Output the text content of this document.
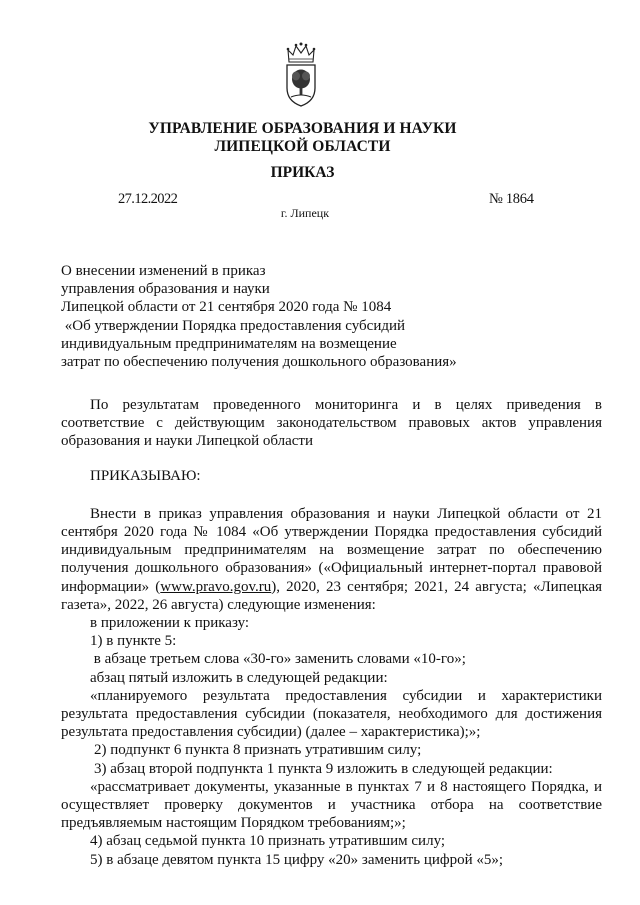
УПРАВЛЕНИЕ ОБРАЗОВАНИЯ И НАУКИ
ЛИПЕЦКОЙ ОБЛАСТИ
ПРИКАЗ
27.12.2022	№ 1864
г. Липецк
О внесении изменений в приказ
управления образования и науки
Липецкой области от 21 сентября 2020 года № 1084
«Об утверждении Порядка предоставления субсидий
индивидуальным предпринимателям на возмещение
затрат по обеспечению получения дошкольного образования»

По результатам проведенного мониторинга и в целях приведения в соответствие с действующим законодательством правовых актов управления образования и науки Липецкой области

ПРИКАЗЫВАЮ:

Внести в приказ управления образования и науки Липецкой области от 21 сентября 2020 года № 1084 «Об утверждении Порядка предоставления субсидий индивидуальным предпринимателям на возмещение затрат по обеспечению получения дошкольного образования» («Официальный интернет-портал правовой информации» (www.pravo.gov.ru), 2020, 23 сентября; 2021, 24 августа; «Липецкая газета», 2022, 26 августа) следующие изменения:

в приложении к приказу:

1) в пункте 5:

в абзаце третьем слова «30-го» заменить словами «10-го»;

абзац пятый изложить в следующей редакции:

«планируемого результата предоставления субсидии и характеристики результата предоставления субсидии (показателя, необходимого для достижения результата предоставления субсидии) (далее – характеристика);»;

2) подпункт 6 пункта 8 признать утратившим силу;

3) абзац второй подпункта 1 пункта 9 изложить в следующей редакции:

«рассматривает документы, указанные в пунктах 7 и 8 настоящего Порядка, и осуществляет проверку документов и участника отбора на соответствие предъявляемым настоящим Порядком требованиям;»;

4) абзац седьмой пункта 10 признать утратившим силу;

5) в абзаце девятом пункта 15 цифру «20» заменить цифрой «5»;
